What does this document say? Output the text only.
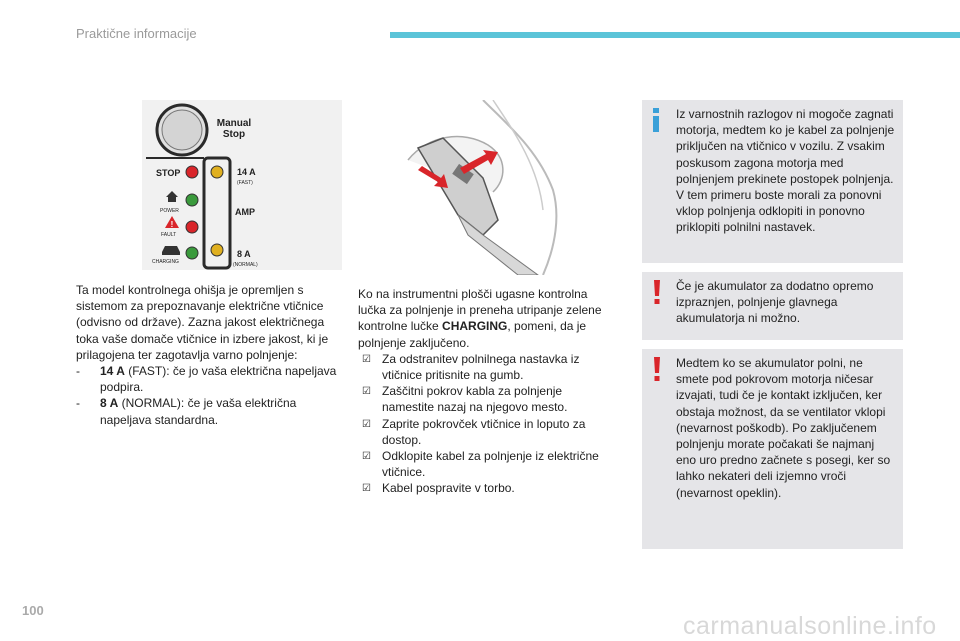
Praktične informacije
Manual
Stop
STOP
POWER
!
FAULT
CHARGING
14 A
(FAST)
AMP
8 A
(NORMAL)

Ta model kontrolnega ohišja je opremljen s sistemom za prepoznavanje električne vtičnice (odvisno od države). Zazna jakost električnega toka vaše domače vtičnice in izbere jakost, ki je prilagojena ter zagotavlja varno polnjenje:

- 14 A (FAST): če jo vaša električna napeljava podpira.
- 8 A (NORMAL): če je vaša električna napeljava standardna.

Ko na instrumentni plošči ugasne kontrolna lučka za polnjenje in preneha utripanje zelene kontrolne lučke CHARGING, pomeni, da je polnjenje zaključeno.

☑ Za odstranitev polnilnega nastavka iz vtičnice pritisnite na gumb.
☑ Zaščitni pokrov kabla za polnjenje namestite nazaj na njegovo mesto.
☑ Zaprite pokrovček vtičnice in loputo za dostop.
☑ Odklopite kabel za polnjenje iz električne vtičnice.
☑ Kabel pospravite v torbo.
Iz varnostnih razlogov ni mogoče zagnati motorja, medtem ko je kabel za polnjenje priključen na vtičnico v vozilu. Z vsakim poskusom zagona motorja med polnjenjem prekinete postopek polnjenja. V tem primeru boste morali za ponovni vklop polnjenja odklopiti in ponovno priklopiti polnilni nastavek.
Če je akumulator za dodatno opremo izpraznjen, polnjenje glavnega akumulatorja ni možno.
Medtem ko se akumulator polni, ne smete pod pokrovom motorja ničesar izvajati, tudi če je kontakt izključen, ker obstaja možnost, da se ventilator vklopi (nevarnost poškodb). Po zaključenem polnjenju morate počakati še najmanj eno uro predno začnete s posegi, ker so lahko nekateri deli izjemno vroči (nevarnost opeklin).
100
carmanualsonline.info
